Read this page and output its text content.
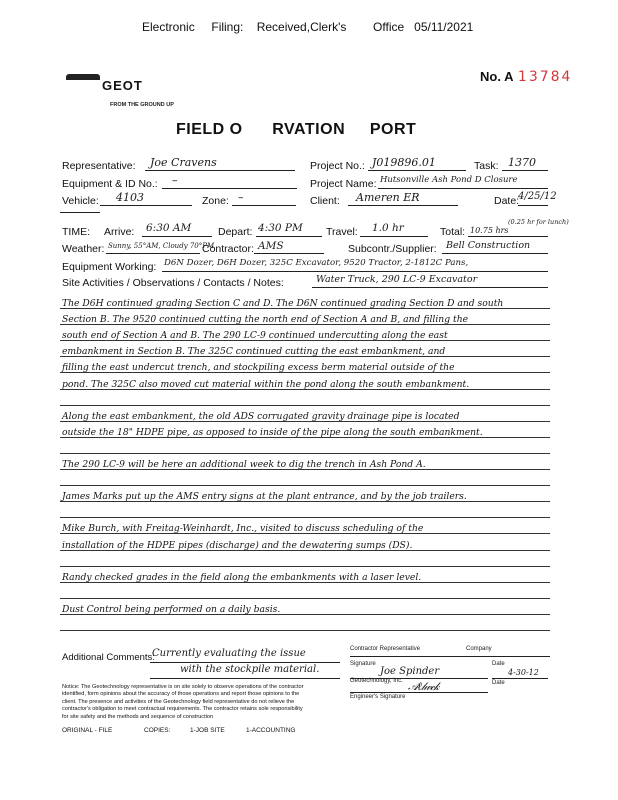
Electronic     Filing:    Received,Clerk's        Office   05/11/2021
GEOT
FROM THE GROUND UP
No. A 13784
FIELD O      RVATION     PORT
Representative: Joe Cravens	Project No.: J019896.01	Task: 1370
Equipment & ID No.: –	Project Name: Hutsonville Ash Pond D Closure
Vehicle: 4103	Zone: –	Client: Ameren ER	Date:
4/25/12
TIME: Arrive: 6:30 AM	Depart: 4:30 PM Travel: 1.0 hr	Total: 10.75 hrs
(0.25 hr for lunch)
Weather: Sunny, 55°AM, Cloudy 70°PM
Contractor: AMS	Subcontr./Supplier: Bell Construction
Equipment Working: D6N Dozer, D6H Dozer, 325C Excavator, 9520 Tractor, 2-1812C Pans,
Site Activities / Observations / Contacts / Notes:	Water Truck, 290 LC-9 Excavator
The D6H continued grading Section C and D. The D6N continued grading Section D and south
Section B. The 9520 continued cutting the north end of Section A and B, and filling the
south end of Section A and B. The 290 LC-9 continued undercutting along the east
embankment in Section B. The 325C continued cutting the east embankment, and
filling the east undercut trench, and stockpiling excess berm material outside of the
pond. The 325C also moved cut material within the pond along the south embankment.
Along the east embankment, the old ADS corrugated gravity drainage pipe is located
outside the 18" HDPE pipe, as opposed to inside of the pipe along the south embankment.
The 290 LC-9 will be here an additional week to dig the trench in Ash Pond A.
James Marks put up the AMS entry signs at the plant entrance, and by the job trailers.
Mike Burch, with Freitag-Weinhardt, Inc., visited to discuss scheduling of the
installation of the HDPE pipes (discharge) and the dewatering sumps (DS).
Randy checked grades in the field along the embankments with a laser level.
Dust Control being performed on a daily basis.
Additional Comments:
Currently evaluating the issue
with the stockpile material.
Contractor Representative	Company
Signature	Date
Joe Spinder	4-30-12
Geotechnology, Inc.	Date
𝒜ℓ𝓁𝓌𝒸𝓀
Engineer's Signature
Notice: The Geotechnology representative is on site solely to observe operations of the contractor
identified, form opinions about the accuracy of those operations and report those opinions to the
client. The presence and activities of the Geotechnology field representative do not relieve the
contractor's obligation to meet contractual requirements. The contractor retains sole responsibility
for site safety and the methods and sequence of construction
ORIGINAL - FILE	COPIES:	1-JOB SITE	1-ACCOUNTING
